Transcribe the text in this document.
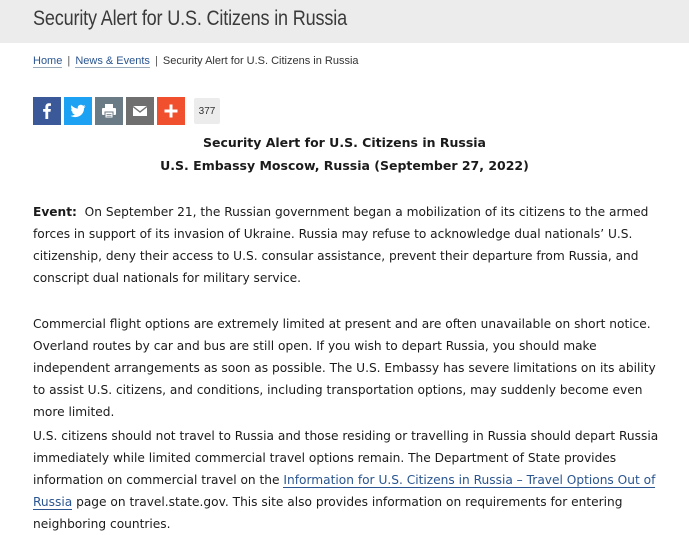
Security Alert for U.S. Citizens in Russia
Home | News & Events | Security Alert for U.S. Citizens in Russia
377
Security Alert for U.S. Citizens in Russia
U.S. Embassy Moscow, Russia (September 27, 2022)

Event: On September 21, the Russian government began a mobilization of its citizens to the armed forces in support of its invasion of Ukraine. Russia may refuse to acknowledge dual nationals’ U.S. citizenship, deny their access to U.S. consular assistance, prevent their departure from Russia, and conscript dual nationals for military service.

Commercial flight options are extremely limited at present and are often unavailable on short notice. Overland routes by car and bus are still open. If you wish to depart Russia, you should make independent arrangements as soon as possible. The U.S. Embassy has severe limitations on its ability to assist U.S. citizens, and conditions, including transportation options, may suddenly become even more limited.

U.S. citizens should not travel to Russia and those residing or travelling in Russia should depart Russia immediately while limited commercial travel options remain. The Department of State provides information on commercial travel on the Information for U.S. Citizens in Russia – Travel Options Out of Russia page on travel.state.gov. This site also provides information on requirements for entering neighboring countries.
